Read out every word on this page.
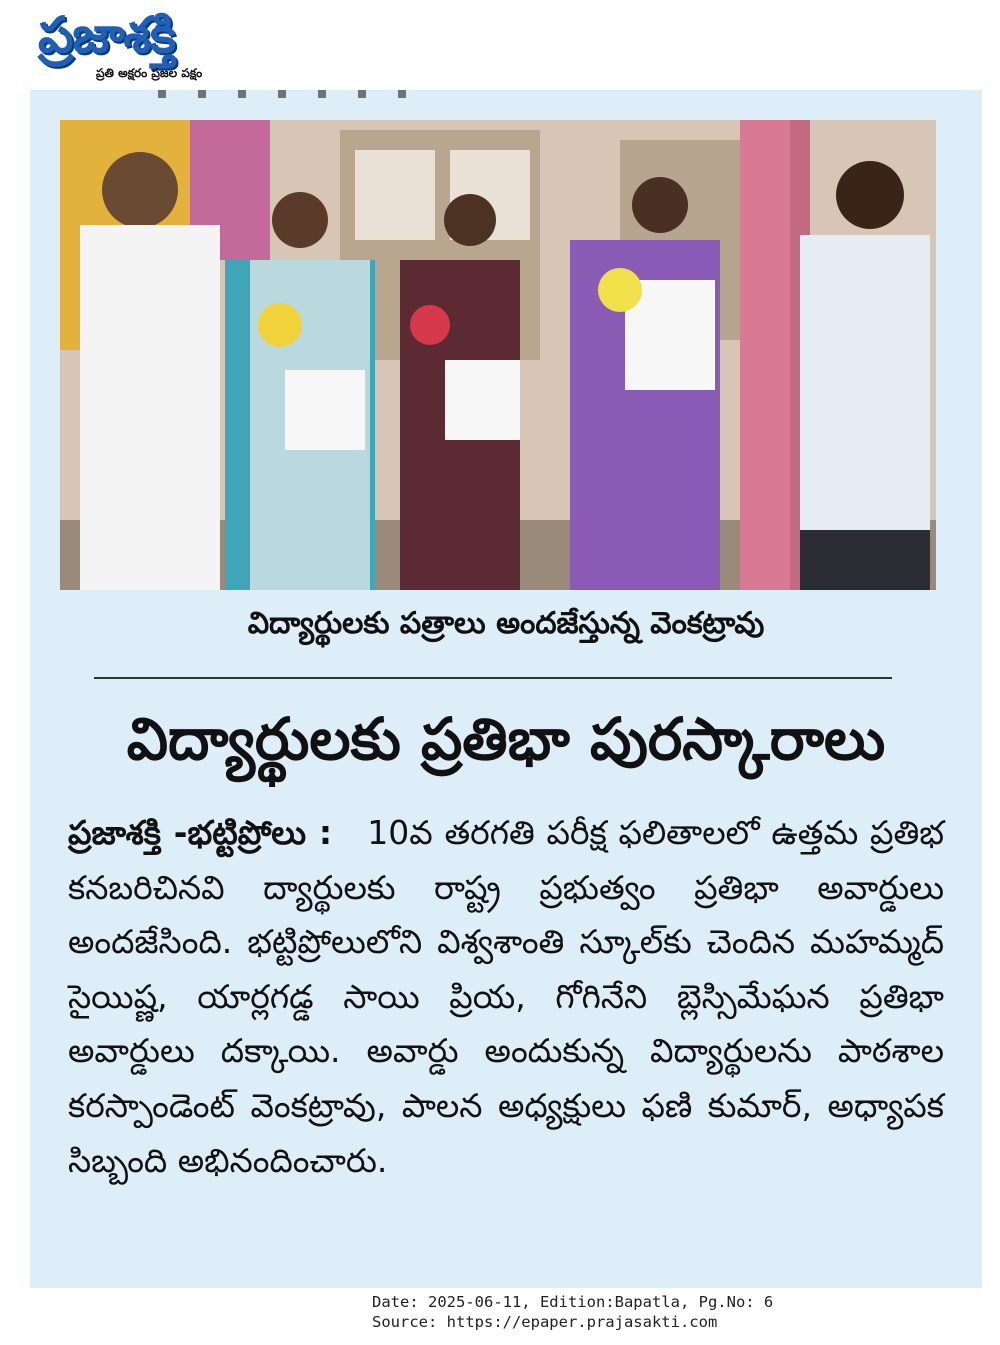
ప్రజాశక్తి
ప్రతి అక్షరం ప్రజల పక్షం
విద్యార్థులకు పత్రాలు అందజేస్తున్న వెంకట్రావు
విద్యార్థులకు ప్రతిభా పురస్కారాలు
ప్రజాశక్తి -భట్టిప్రోలు : 10వ తరగతి పరీక్ష ఫలితాలలో ఉత్తమ ప్రతిభ కనబరిచినవి ద్యార్థులకు రాష్ట్ర ప్రభుత్వం ప్రతిభా అవార్డులు అందజేసింది. భట్టిప్రోలులోని విశ్వశాంతి స్కూల్‌కు చెందిన మహమ్మద్ సైయిష్ణ, యార్లగడ్డ సాయి ప్రియ, గోగినేని బ్లెస్సిమేఘన ప్రతిభా అవార్డులు దక్కాయి. అవార్డు అందుకున్న విద్యార్థులను పాఠశాల కరస్పాండెంట్ వెంకట్రావు, పాలన అధ్యక్షులు ఫణి కుమార్, అధ్యాపక సిబ్బంది అభినందించారు.
Date: 2025-06-11, Edition:Bapatla, Pg.No: 6
Source: https://epaper.prajasakti.com
